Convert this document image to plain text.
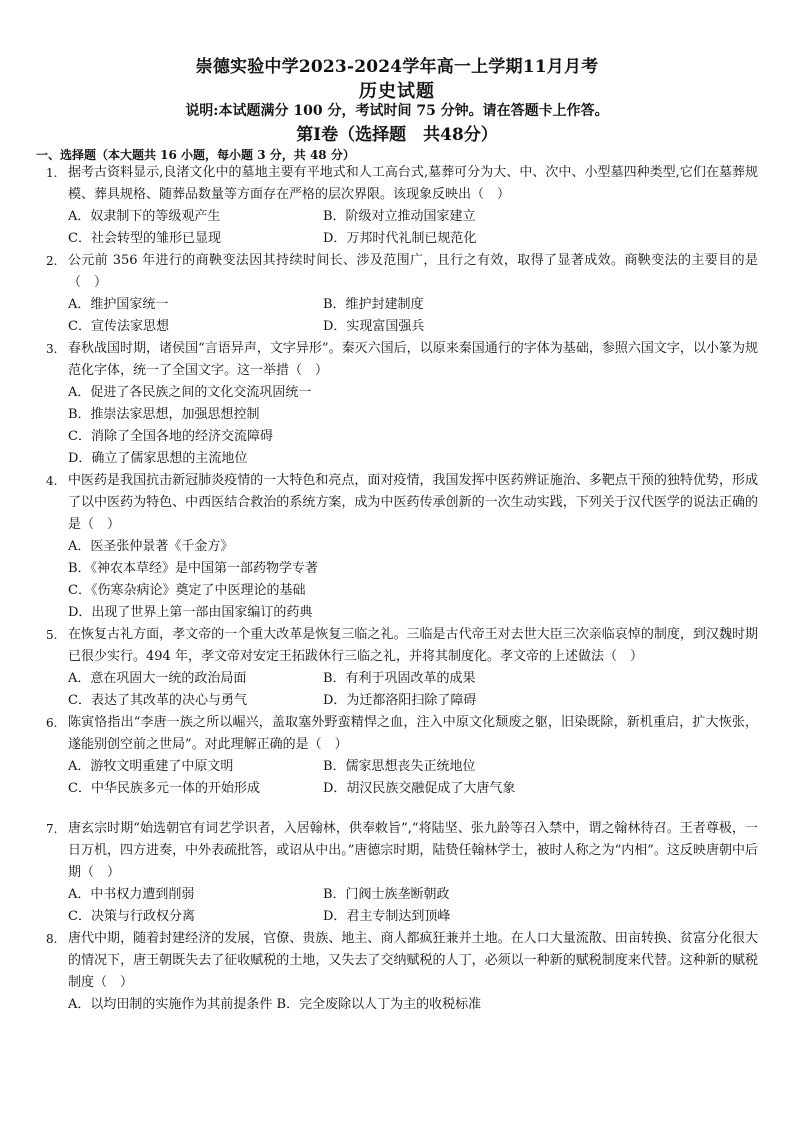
崇德实验中学2023-2024学年高一上学期11月月考
历史试题
说明:本试题满分 100 分，考试时间 75 分钟。请在答题卡上作答。
第Ⅰ卷（选择题　共48分）
一、选择题（本大题共 16 小题，每小题 3 分，共 48 分）
1. 据考古资料显示,良渚文化中的墓地主要有平地式和人工高台式,墓葬可分为大、中、次中、小型墓四种类型,它们在墓葬规模、葬具规格、随葬品数量等方面存在严格的层次界限。该现象反映出（　）
A．奴隶制下的等级观产生	B．阶级对立推动国家建立
C．社会转型的雏形已显现	D．万邦时代礼制已规范化
2. 公元前 356 年进行的商鞅变法因其持续时间长、涉及范围广，且行之有效，取得了显著成效。商鞅变法的主要目的是（　）
A．维护国家统一	B．维护封建制度
C．宣传法家思想	D．实现富国强兵
3. 春秋战国时期，诸侯国“言语异声，文字异形”。秦灭六国后，以原来秦国通行的字体为基础，参照六国文字，以小篆为规范化字体，统一了全国文字。这一举措（　）
A．促进了各民族之间的文化交流巩固统一
B．推崇法家思想，加强思想控制
C．消除了全国各地的经济交流障碍
D．确立了儒家思想的主流地位
4. 中医药是我国抗击新冠肺炎疫情的一大特色和亮点，面对疫情，我国发挥中医药辨证施治、多靶点干预的独特优势，形成了以中医药为特色、中西医结合救治的系统方案，成为中医药传承创新的一次生动实践，下列关于汉代医学的说法正确的是（　）
A．医圣张仲景著《千金方》
B．《神农本草经》是中国第一部药物学专著
C．《伤寒杂病论》奠定了中医理论的基础
D．出现了世界上第一部由国家编订的药典
5. 在恢复古礼方面，孝文帝的一个重大改革是恢复三临之礼。三临是古代帝王对去世大臣三次亲临哀悼的制度，到汉魏时期已很少实行。494 年，孝文帝对安定王拓跋休行三临之礼，并将其制度化。孝文帝的上述做法（　）
A．意在巩固大一统的政治局面	B．有利于巩固改革的成果
C．表达了其改革的决心与勇气	D．为迁都洛阳扫除了障碍
6. 陈寅恪指出“李唐一族之所以崛兴，盖取塞外野蛮精悍之血，注入中原文化颓废之躯，旧染既除，新机重启，扩大恢张，遂能别创空前之世局”。对此理解正确的是（　）
A．游牧文明重建了中原文明	B．儒家思想丧失正统地位
C．中华民族多元一体的开始形成	D．胡汉民族交融促成了大唐气象
7. 唐玄宗时期“始选朝官有词艺学识者，入居翰林，供奉敕旨”,“将陆坚、张九龄等召入禁中，谓之翰林待召。王者尊极，一日万机，四方进奏，中外表疏批答，或诏从中出。”唐德宗时期，陆贽任翰林学士，被时人称之为“内相”。这反映唐朝中后期（　）
A．中书权力遭到削弱	B．门阀士族垄断朝政
C．决策与行政权分离	D．君主专制达到顶峰
8. 唐代中期，随着封建经济的发展，官僚、贵族、地主、商人都疯狂兼并土地。在人口大量流散、田亩转换、贫富分化很大的情况下，唐王朝既失去了征收赋税的土地，又失去了交纳赋税的人丁，必须以一种新的赋税制度来代替。这种新的赋税制度（　）
A．以均田制的实施作为其前提条件 B．完全废除以人丁为主的收税标准
